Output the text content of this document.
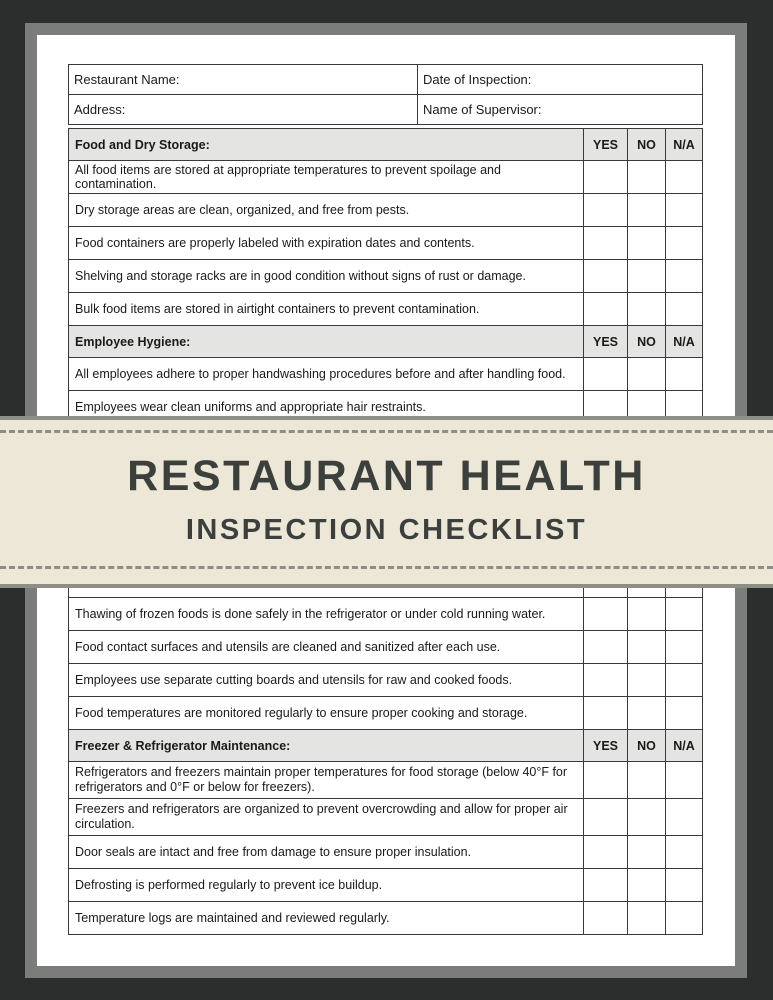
Restaurant Name:	Date of Inspection:
Address:	Name of Supervisor:
Food and Dry Storage:	YES	NO	N/A
All food items are stored at appropriate temperatures to prevent spoilage and contamination.			
Dry storage areas are clean, organized, and free from pests.			
Food containers are properly labeled with expiration dates and contents.			
Shelving and storage racks are in good condition without signs of rust or damage.			
Bulk food items are stored in airtight containers to prevent contamination.			
Employee Hygiene:	YES	NO	N/A
All employees adhere to proper handwashing procedures before and after handling food.			
Employees wear clean uniforms and appropriate hair restraints.			

Thawing of frozen foods is done safely in the refrigerator or under cold running water.			
Food contact surfaces and utensils are cleaned and sanitized after each use.			
Employees use separate cutting boards and utensils for raw and cooked foods.			
Food temperatures are monitored regularly to ensure proper cooking and storage.			
Freezer & Refrigerator Maintenance:	YES	NO	N/A
Refrigerators and freezers maintain proper temperatures for food storage (below 40°F for refrigerators and 0°F or below for freezers).			
Freezers and refrigerators are organized to prevent overcrowding and allow for proper air circulation.			
Door seals are intact and free from damage to ensure proper insulation.			
Defrosting is performed regularly to prevent ice buildup.			
Temperature logs are maintained and reviewed regularly.			
RESTAURANT HEALTH
INSPECTION CHECKLIST
